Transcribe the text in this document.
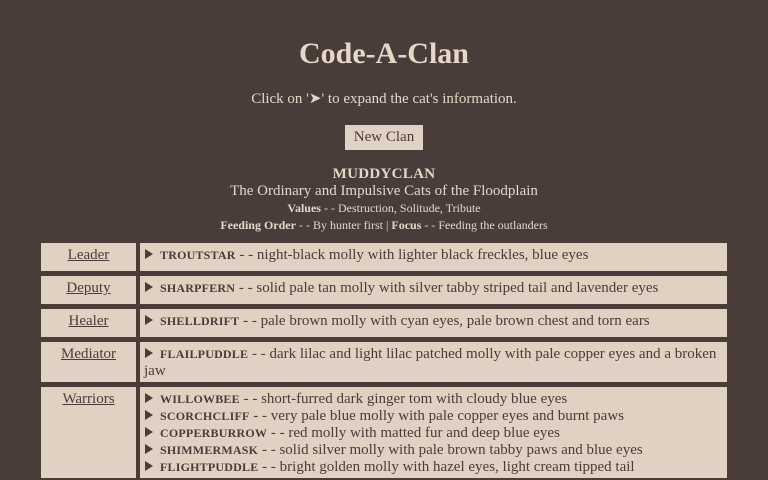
Code-A-Clan
Click on '➤' to expand the cat's information.
New Clan
MUDDYCLAN
The Ordinary and Impulsive Cats of the Floodplain
Values - - Destruction, Solitude, Tribute
Feeding Order - - By hunter first | Focus - - Feeding the outlanders
Leader	TROUTSTAR - - night-black molly with lighter black freckles, blue eyes

Deputy	SHARPFERN - - solid pale tan molly with silver tabby striped tail and lavender eyes

Healer	SHELLDRIFT - - pale brown molly with cyan eyes, pale brown chest and torn ears

Mediator	FLAILPUDDLE - - dark lilac and light lilac patched molly with pale copper eyes and a broken jaw

Warriors	WILLOWBEE - - short-furred dark ginger tom with cloudy blue eyes
SCORCHCLIFF - - very pale blue molly with pale copper eyes and burnt paws
COPPERBURROW - - red molly with matted fur and deep blue eyes
SHIMMERMASK - - solid silver molly with pale brown tabby paws and blue eyes
FLIGHTPUDDLE - - bright golden molly with hazel eyes, light cream tipped tail
